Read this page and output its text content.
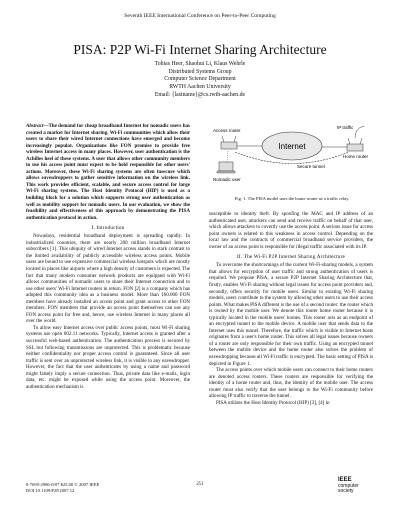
Seventh IEEE International Conference on Peer-to-Peer Computing
PISA: P2P Wi-Fi Internet Sharing Architecture
Tobias Heer, Shaohui Li, Klaus Wehrle
Distributed Systems Group
Computer Science Department
RWTH Aachen University
Email: {lastname}@cs.rwth-aachen.de

Abstract—The demand for cheap broadband Internet for nomadic users has created a market for Internet sharing. Wi-Fi communities which allow their users to share their wired Internet connections have emerged and become increasingly popular. Organizations like FON promise to provide free wireless Internet access in many places. However, user authentication is the Achilles heel of these systems. A user that allows other community members to use his access point must expect to be held responsible for other users' actions. Moreover, these Wi-Fi sharing systems are often insecure which allows eavesdroppers to gather sensitive information on the wireless link. This work provides efficient, scalable, and secure access control for large Wi-Fi sharing systems. The Host Identity Protocol (HIP) is used as a building block for a solution which supports strong user authentication as well as mobility support for nomadic users. In our evaluation, we show the feasibility and effectiveness of this approach by demonstrating the PISA authentication protocol in action.

I. Introduction

Nowadays, residential broadband deployment is spreading rapidly. In industrialized countries, there are nearly 200 million broadband Internet subscribers [1]. This ubiquity of wired Internet access stands in stark contrast to the limited availability of publicly accessible wireless access points. Mobile users are bound to use expensive commercial wireless hotspots which are mostly located in places like airports where a high density of customers is expected. The fact that many modern consumer network products are equipped with Wi-Fi allows communities of nomadic users to share their Internet connection and to use other users' Wi-Fi Internet routers in return. FON [2] is a company which has adopted this community idea as a business model. More than 160.000 FON members have already installed an access point and grant access to other FON members. FON members that provide an access point themselves can use any FON access point for free and, hence, use wireless Internet in many places all over the world.

To allow easy Internet access over public access points, most Wi-Fi sharing systems use open 802.11 networks. Typically, Internet access is granted after a successful web-based authentication. The authentication process is secured by SSL but following transmissions are unprotected. This is problematic because neither confidentiality nor proper access control is guaranteed. Since all user traffic is sent over an unprotected wireless link, it is visible to any eavesdropper. However, the fact that the user authenticates by using a name and password might falsely imply a secure connection. Thus, private data like e-mails, login data, etc. might be exposed while using the access point. Moreover, the authentication mechanism is

Internet
Access router
Home router
IP traffic
Secure tunnel
Nomadic user
Fig. 1. The PISA model uses the home router as a traffic relay.

susceptible to identity theft. By spoofing the MAC and IP address of an authenticated user, attackers can send and receive traffic on behalf of that user, which allows attackers to covertly use the access point. A serious issue for access point owners is related to this weakness in access control. Depending on the local law and the contracts of commercial broadband service providers, the owner of an access point is responsible for illegal traffic associated with its IP.

II. The Wi-Fi P2P Internet Sharing Architecture

To overcome the shortcomings of the current Wi-Fi-sharing models, a system that allows for encryption of user traffic and strong authentication of users is required. We propose PISA, a secure P2P Internet Sharing Architecture that, firstly, enables Wi-Fi sharing without legal issues for access point providers and, secondly, offers security for mobile users. Similar to existing Wi-Fi sharing models, users contribute to the system by allowing other users to use their access points. What makes PISA different is the use of a second router: the router which is owned by the mobile user. We denote this router home router because it is typically located in the mobile users' homes. This router acts as an endpoint of an encrypted tunnel to the mobile device. A mobile user that sends data to the Internet uses this tunnel. Therefore, the traffic which is visible to Internet hosts originates from a user's home router. This solves all legal issues because owners of a router are only responsible for their own traffic. Using an encrypted tunnel between the mobile device and the home router also solves the problem of eavesdropping because all Wi-Fi traffic is encrypted. The basic setting of PISA is depicted in Figure 1.

The access points over which mobile users can connect to their home routers are denoted access routers. These routers are responsible for verifying the identity of a home router and, thus, the identity of the mobile user. The access router must also verify that the user belongs to the Wi-Fi community before allowing IP traffic to traverse the tunnel.

PISA utilizes the Host Identity Protocol (HIP) [3], [4] in

0-7695-2986-0/07 $25.00 © 2007 IEEE
DOI 10.1109/P2P.2007.12
251
IEEE
computer
society
